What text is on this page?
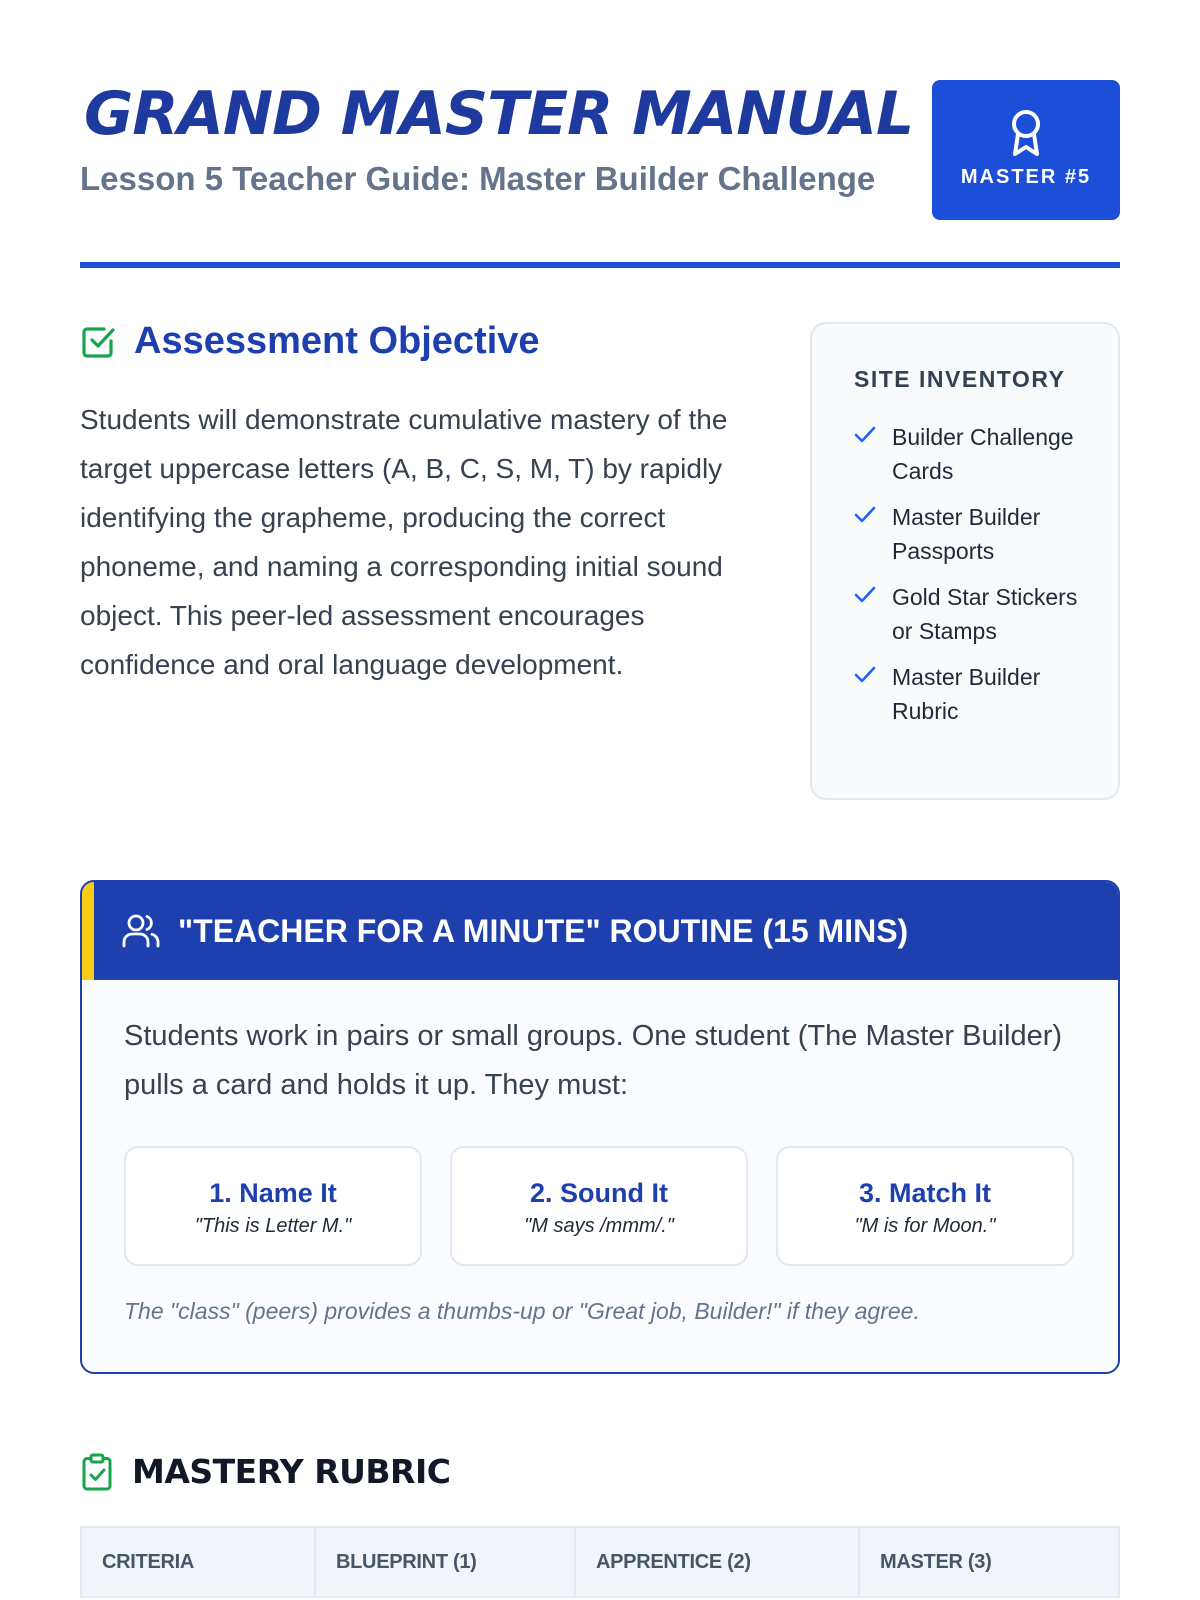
GRAND MASTER MANUAL
Lesson 5 Teacher Guide: Master Builder Challenge	MASTER #5
Assessment Objective

Students will demonstrate cumulative mastery of the target uppercase letters (A, B, C, S, M, T) by rapidly identifying the grapheme, producing the correct phoneme, and naming a corresponding initial sound object. This peer-led assessment encourages confidence and oral language development.

SITE INVENTORY
Builder Challenge Cards
Master Builder Passports
Gold Star Stickers or Stamps
Master Builder Rubric
"TEACHER FOR A MINUTE" ROUTINE (15 MINS)

Students work in pairs or small groups. One student (The Master Builder) pulls a card and holds it up. They must:

1. Name It
"This is Letter M."
2. Sound It
"M says /mmm/."
3. Match It
"M is for Moon."

The "class" (peers) provides a thumbs-up or "Great job, Builder!" if they agree.

MASTERY RUBRIC
CRITERIA	BLUEPRINT (1)	APPRENTICE (2)	MASTER (3)
